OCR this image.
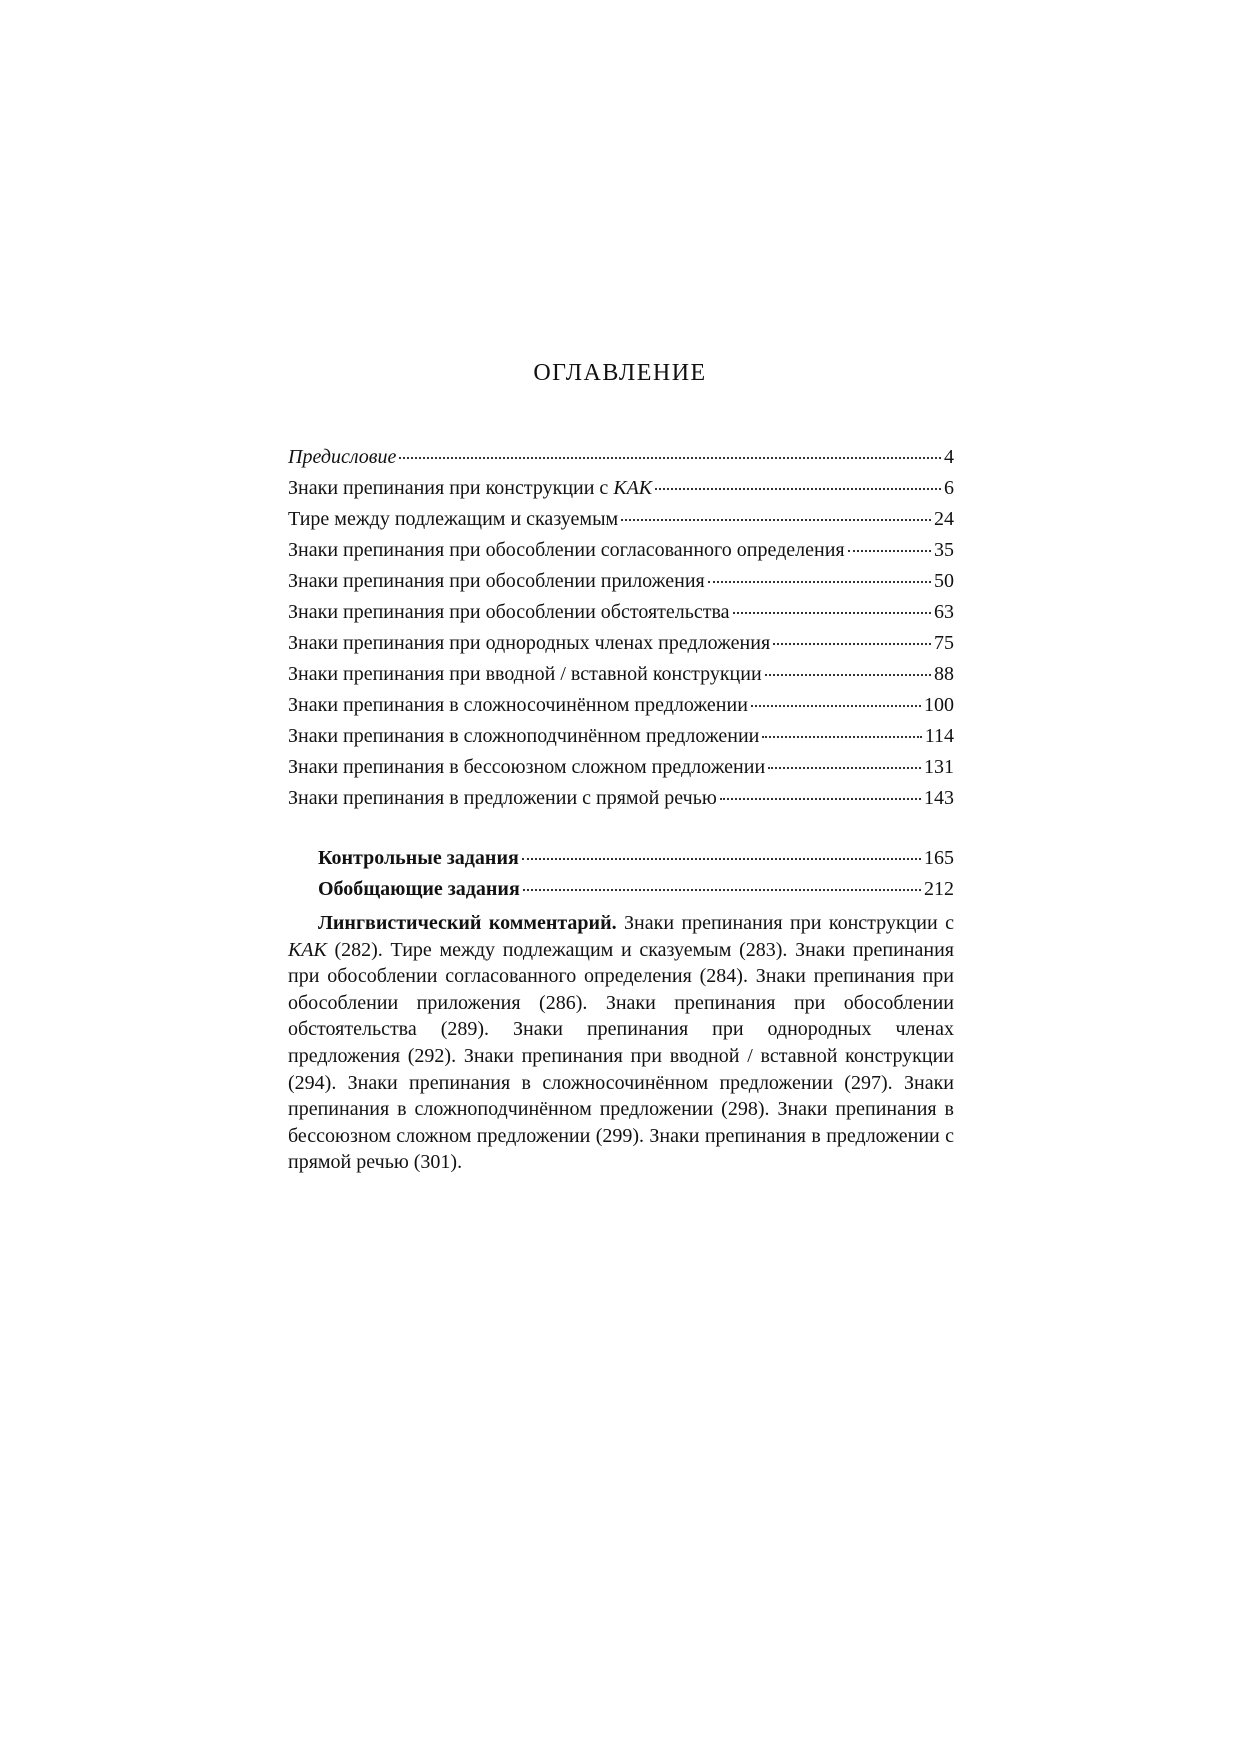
ОГЛАВЛЕНИЕ
Предисловие	4
Знаки препинания при конструкции с КАК	6
Тире между подлежащим и сказуемым	24
Знаки препинания при обособлении согласованного определения	35
Знаки препинания при обособлении приложения	50
Знаки препинания при обособлении обстоятельства	63
Знаки препинания при однородных членах предложения	75
Знаки препинания при вводной / вставной конструкции	88
Знаки препинания в сложносочинённом предложении	100
Знаки препинания в сложноподчинённом предложении	114
Знаки препинания в бессоюзном сложном предложении	131
Знаки препинания в предложении с прямой речью	143
Контрольные задания	165
Обобщающие задания	212
Лингвистический комментарий. Знаки препинания при конструкции с КАК (282). Тире между подлежащим и сказуемым (283). Знаки препинания при обособлении согласованного определения (284). Знаки препинания при обособлении приложения (286). Знаки препинания при обособлении обстоятельства (289). Знаки препинания при однородных членах предложения (292). Знаки препинания при вводной / вставной конструкции (294). Знаки препинания в сложносочинённом предложении (297). Знаки препинания в сложноподчинённом предложении (298). Знаки препинания в бессоюзном сложном предложении (299). Знаки препинания в предложении с прямой речью (301).
